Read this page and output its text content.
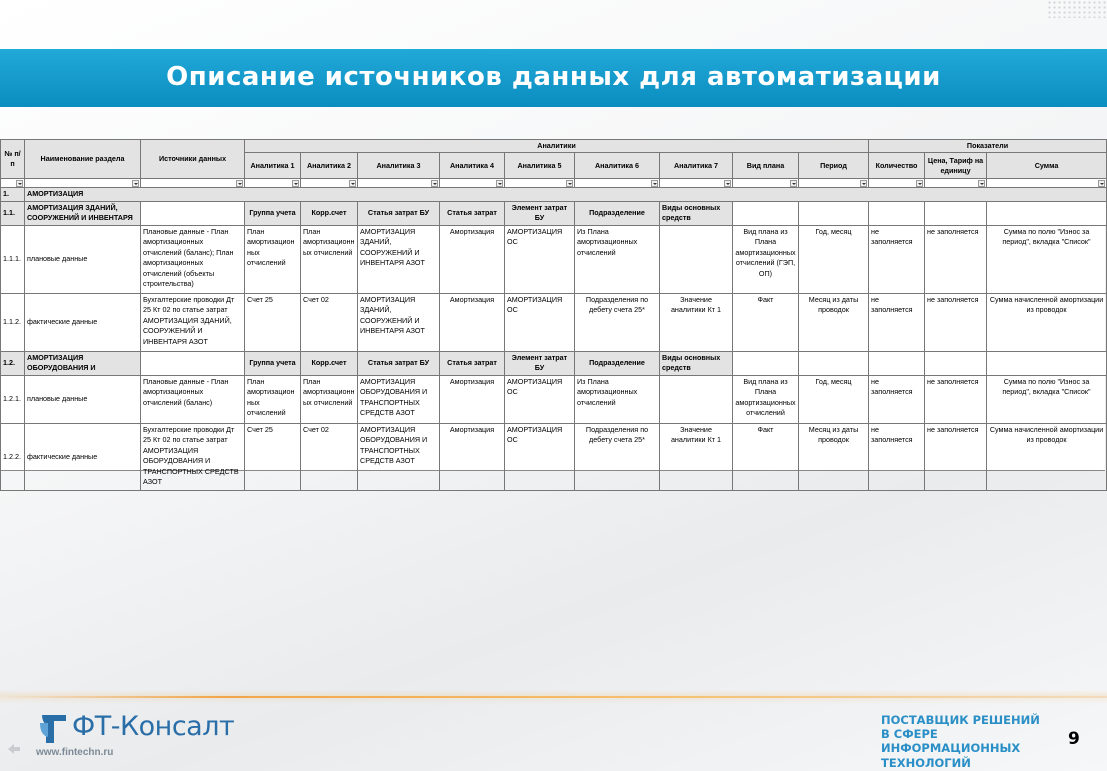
Описание источников данных для автоматизации
№ п/п	Наименование раздела	Источники данных	Аналитики									Показатели		
			Аналитика 1	Аналитика 2	Аналитика 3	Аналитика 4	Аналитика 5	Аналитика 6	Аналитика 7	Вид плана	Период	Количество	Цена, Тариф на единицу	Сумма

1.	АМОРТИЗАЦИЯ													
1.1.	АМОРТИЗАЦИЯ ЗДАНИЙ, СООРУЖЕНИЙ И ИНВЕНТАРЯ		Группа учета	Корр.счет	Статья затрат БУ	Статья затрат	Элемент затрат БУ	Подразделение	Виды основных средств					
1.1.1.	плановые данные	Плановые данные - План амортизационных отчислений (баланс); План амортизационных отчислений (объекты строительства)	План амортизационных отчислений	План амортизационных отчислений	АМОРТИЗАЦИЯ ЗДАНИЙ, СООРУЖЕНИЙ И ИНВЕНТАРЯ АЗОТ	Амортизация	АМОРТИЗАЦИЯ ОС	Из Плана амортизационных отчислений		Вид плана из Плана амортизационных отчислений (ГЭП, ОП)	Год, месяц	не заполняется	не заполняется	Сумма по полю "Износ за период", вкладка "Список"
1.1.2.	фактические данные	Бухгалтерские проводки Дт 25 Кт 02 по статье затрат АМОРТИЗАЦИЯ ЗДАНИЙ, СООРУЖЕНИЙ И ИНВЕНТАРЯ АЗОТ	Счет 25	Счет 02	АМОРТИЗАЦИЯ ЗДАНИЙ, СООРУЖЕНИЙ И ИНВЕНТАРЯ АЗОТ	Амортизация	АМОРТИЗАЦИЯ ОС	Подразделения по дебету счета 25*	Значение аналитики Кт 1	Факт	Месяц из даты проводок	не заполняется	не заполняется	Сумма начисленной амортизации из проводок
1.2.	АМОРТИЗАЦИЯ ОБОРУДОВАНИЯ И		Группа учета	Корр.счет	Статья затрат БУ	Статья затрат	Элемент затрат БУ	Подразделение	Виды основных средств					
1.2.1.	плановые данные	Плановые данные - План амортизационных отчислений (баланс)	План амортизационных отчислений	План амортизационных отчислений	АМОРТИЗАЦИЯ ОБОРУДОВАНИЯ И ТРАНСПОРТНЫХ СРЕДСТВ АЗОТ	Амортизация	АМОРТИЗАЦИЯ ОС	Из Плана амортизационных отчислений		Вид плана из Плана амортизационных отчислений	Год, месяц	не заполняется	не заполняется	Сумма по полю "Износ за период", вкладка "Список"
1.2.2.	фактические данные	Бухгалтерские проводки Дт 25 Кт 02 по статье затрат АМОРТИЗАЦИЯ ОБОРУДОВАНИЯ И ТРАНСПОРТНЫХ СРЕДСТВ АЗОТ	Счет 25	Счет 02	АМОРТИЗАЦИЯ ОБОРУДОВАНИЯ И ТРАНСПОРТНЫХ СРЕДСТВ АЗОТ	Амортизация	АМОРТИЗАЦИЯ ОС	Подразделения по дебету счета 25*	Значение аналитики Кт 1	Факт	Месяц из даты проводок	не заполняется	не заполняется	Сумма начисленной амортизации из проводок
ФТ-Консалт
www.fintechn.ru
ПОСТАВЩИК РЕШЕНИЙ
В СФЕРЕ
ИНФОРМАЦИОННЫХ
ТЕХНОЛОГИЙ
9
